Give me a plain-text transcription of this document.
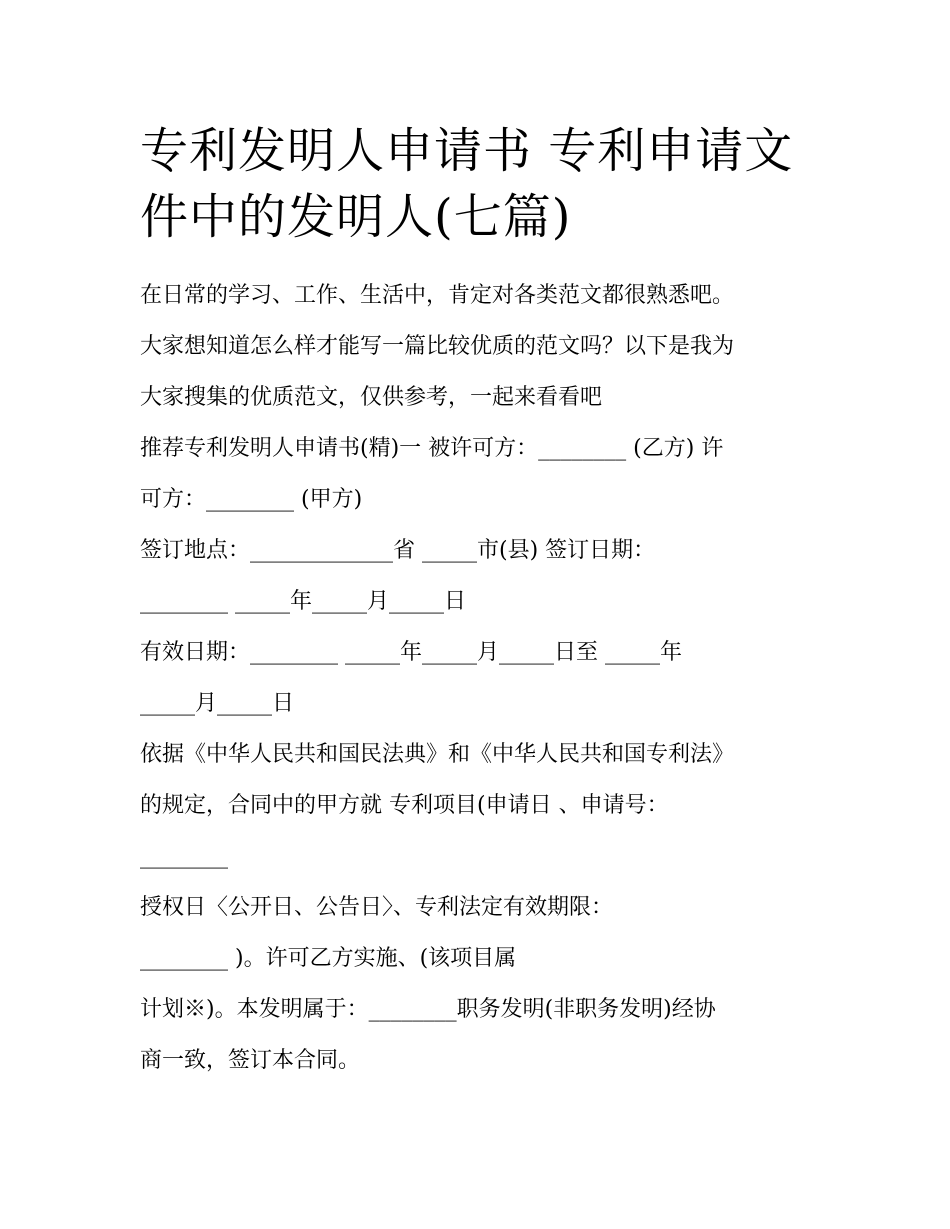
专利发明人申请书 专利申请文
件中的发明人(七篇)
在日常的学习、工作、生活中，肯定对各类范文都很熟悉吧。
大家想知道怎么样才能写一篇比较优质的范文吗？以下是我为
大家搜集的优质范文，仅供参考，一起来看看吧
推荐专利发明人申请书(精)一 被许可方：________ (乙方) 许
可方：________ (甲方)
签订地点：_____________省 _____市(县) 签订日期：
________ _____年_____月_____日
有效日期：________ _____年_____月_____日至 _____年
_____月_____日
依据《中华人民共和国民法典》和《中华人民共和国专利法》
的规定，合同中的甲方就 专利项目(申请日 、申请号：
________
授权日〈公开日、公告日〉、专利法定有效期限：
________ )。许可乙方实施、(该项目属
计划※)。本发明属于：________职务发明(非职务发明)经协
商一致，签订本合同。
